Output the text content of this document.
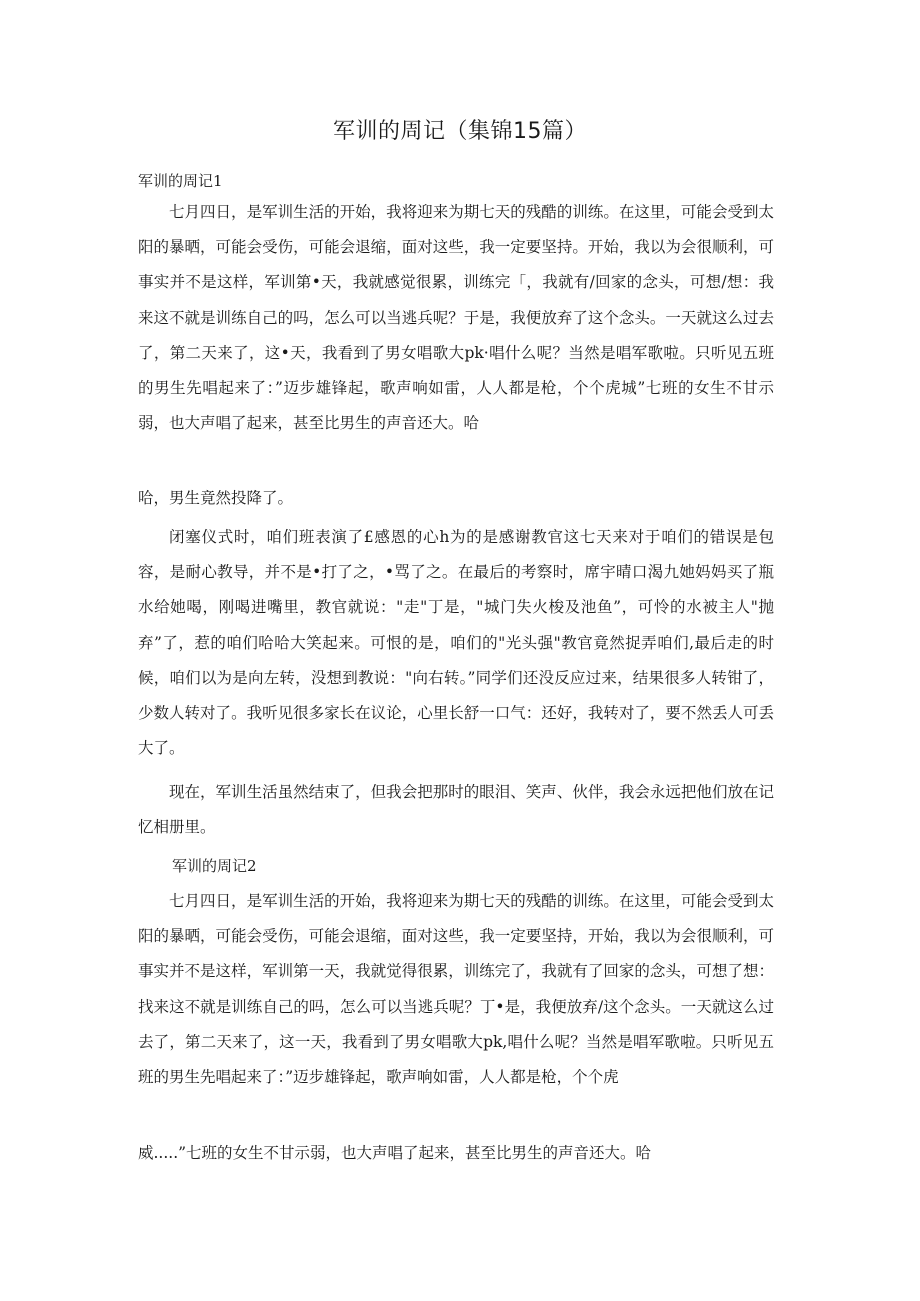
军训的周记（集锦15篇）
军训的周记1

七月四日，是军训生活的开始，我将迎来为期七天的残酷的训练。在这里，可能会受到太阳的暴晒，可能会受伤，可能会退缩，面对这些，我一定要坚持。开始，我以为会很顺利，可事实并不是这样，军训第•天，我就感觉很累，训练完「，我就有/回家的念头，可想/想：我来这不就是训练自己的吗，怎么可以当逃兵呢？于是，我便放弃了这个念头。一天就这么过去了，第二天来了，这•天，我看到了男女唱歌大pk·唱什么呢？当然是唱军歌啦。只听见五班的男生先唱起来了：”迈步雄锋起，歌声响如雷，人人都是枪，个个虎城”七班的女生不甘示弱，也大声唱了起来，甚至比男生的声音还大。哈

哈，男生竟然投降了。

闭塞仪式时，咱们班表演了£感恩的心h为的是感谢教官这七天来对于咱们的错误是包容，是耐心教导，并不是•打了之，•骂了之。在最后的考察时，席宇晴口渴九她妈妈买了瓶水给她喝，刚喝进嘴里，教官就说："走"丁是，"城门失火梭及池鱼”，可怜的水被主人"抛弃”了，惹的咱们哈哈大笑起来。可恨的是，咱们的"光头强"教官竟然捉弄咱们,最后走的时候，咱们以为是向左转，没想到教说："向右转。”同学们还没反应过来，结果很多人转钳了，少数人转对了。我听见很多家长在议论，心里长舒一口气：还好，我转对了，要不然丢人可丢大了。

现在，军训生活虽然结束了，但我会把那时的眼泪、笑声、伙伴，我会永远把他们放在记忆相册里。

军训的周记2

七月四日，是军训生活的开始，我将迎来为期七天的残酷的训练。在这里，可能会受到太阳的暴晒，可能会受伤，可能会退缩，面对这些，我一定要坚持，开始，我以为会很顺利，可事实并不是这样，军训第一天，我就觉得很累，训练完了，我就有了回家的念头，可想了想：找来这不就是训练自己的吗，怎么可以当逃兵呢？丁•是，我便放弃/这个念头。一天就这么过去了，第二天来了，这一天，我看到了男女唱歌大pk,唱什么呢？当然是唱军歌啦。只听见五班的男生先唱起来了：”迈步雄锋起，歌声响如雷，人人都是枪，个个虎

威.....”七班的女生不甘示弱，也大声唱了起来，甚至比男生的声音还大。哈
